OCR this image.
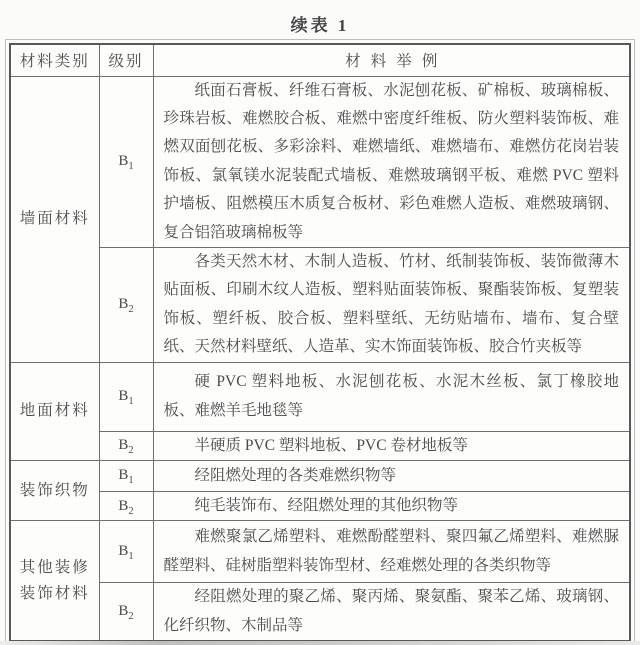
续表 1
材料类别	级别	材料举例
墙面材料	$B_1$	纸面石膏板、纤维石膏板、水泥刨花板、矿棉板、玻璃棉板、珍珠岩板、难燃胶合板、难燃中密度纤维板、防火塑料装饰板、难燃双面刨花板、多彩涂料、难燃墙纸、难燃墙布、难燃仿花岗岩装饰板、氯氧镁水泥装配式墙板、难燃玻璃钢平板、难燃 PVC 塑料护墙板、阻燃模压木质复合板材、彩色难燃人造板、难燃玻璃钢、复合铝箔玻璃棉板等

	$B_2$	各类天然木材、木制人造板、竹材、纸制装饰板、装饰微薄木贴面板、印刷木纹人造板、塑料贴面装饰板、聚酯装饰板、复塑装饰板、塑纤板、胶合板、塑料壁纸、无纺贴墙布、墙布、复合壁纸、天然材料壁纸、人造革、实木饰面装饰板、胶合竹夹板等

地面材料	$B_1$	硬 PVC 塑料地板、水泥刨花板、水泥木丝板、氯丁橡胶地板、难燃羊毛地毯等

	$B_2$	半硬质 PVC 塑料地板、PVC 卷材地板等

装饰织物	$B_1$	经阻燃处理的各类难燃织物等

	$B_2$	纯毛装饰布、经阻燃处理的其他织物等

其他装修装饰材料	$B_1$	难燃聚氯乙烯塑料、难燃酚醛塑料、聚四氟乙烯塑料、难燃脲醛塑料、硅树脂塑料装饰型材、经难燃处理的各类织物等

	$B_2$	经阻燃处理的聚乙烯、聚丙烯、聚氨酯、聚苯乙烯、玻璃钢、化纤织物、木制品等
